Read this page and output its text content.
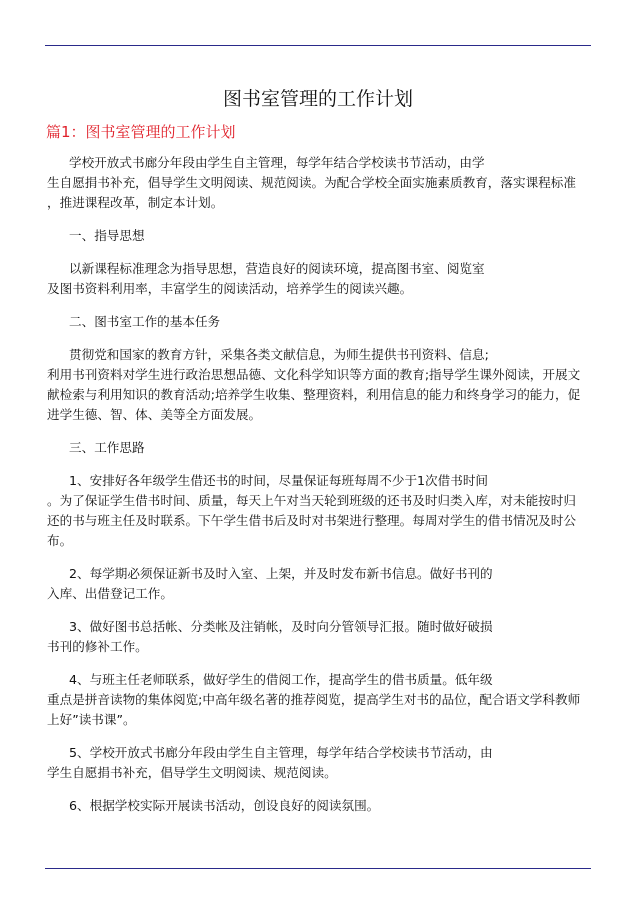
图书室管理的工作计划
篇1：图书室管理的工作计划
学校开放式书廊分年段由学生自主管理，每学年结合学校读书节活动，由学
生自愿捐书补充，倡导学生文明阅读、规范阅读。为配合学校全面实施素质教育，落实课程标准
，推进课程改革，制定本计划。
一、指导思想
以新课程标准理念为指导思想，营造良好的阅读环境，提高图书室、阅览室
及图书资料利用率，丰富学生的阅读活动，培养学生的阅读兴趣。
二、图书室工作的基本任务
贯彻党和国家的教育方针，采集各类文献信息，为师生提供书刊资料、信息;
利用书刊资料对学生进行政治思想品德、文化科学知识等方面的教育;指导学生课外阅读，开展文
献检索与利用知识的教育活动;培养学生收集、整理资料，利用信息的能力和终身学习的能力，促
进学生德、智、体、美等全方面发展。
三、工作思路
1、安排好各年级学生借还书的时间，尽量保证每班每周不少于1次借书时间
。为了保证学生借书时间、质量，每天上午对当天轮到班级的还书及时归类入库，对未能按时归
还的书与班主任及时联系。下午学生借书后及时对书架进行整理。每周对学生的借书情况及时公
布。
2、每学期必须保证新书及时入室、上架，并及时发布新书信息。做好书刊的
入库、出借登记工作。
3、做好图书总括帐、分类帐及注销帐，及时向分管领导汇报。随时做好破损
书刊的修补工作。
4、与班主任老师联系，做好学生的借阅工作，提高学生的借书质量。低年级
重点是拼音读物的集体阅览;中高年级名著的推荐阅览，提高学生对书的品位，配合语文学科教师
上好”读书课”。
5、学校开放式书廊分年段由学生自主管理，每学年结合学校读书节活动，由
学生自愿捐书补充，倡导学生文明阅读、规范阅读。
6、根据学校实际开展读书活动，创设良好的阅读氛围。
